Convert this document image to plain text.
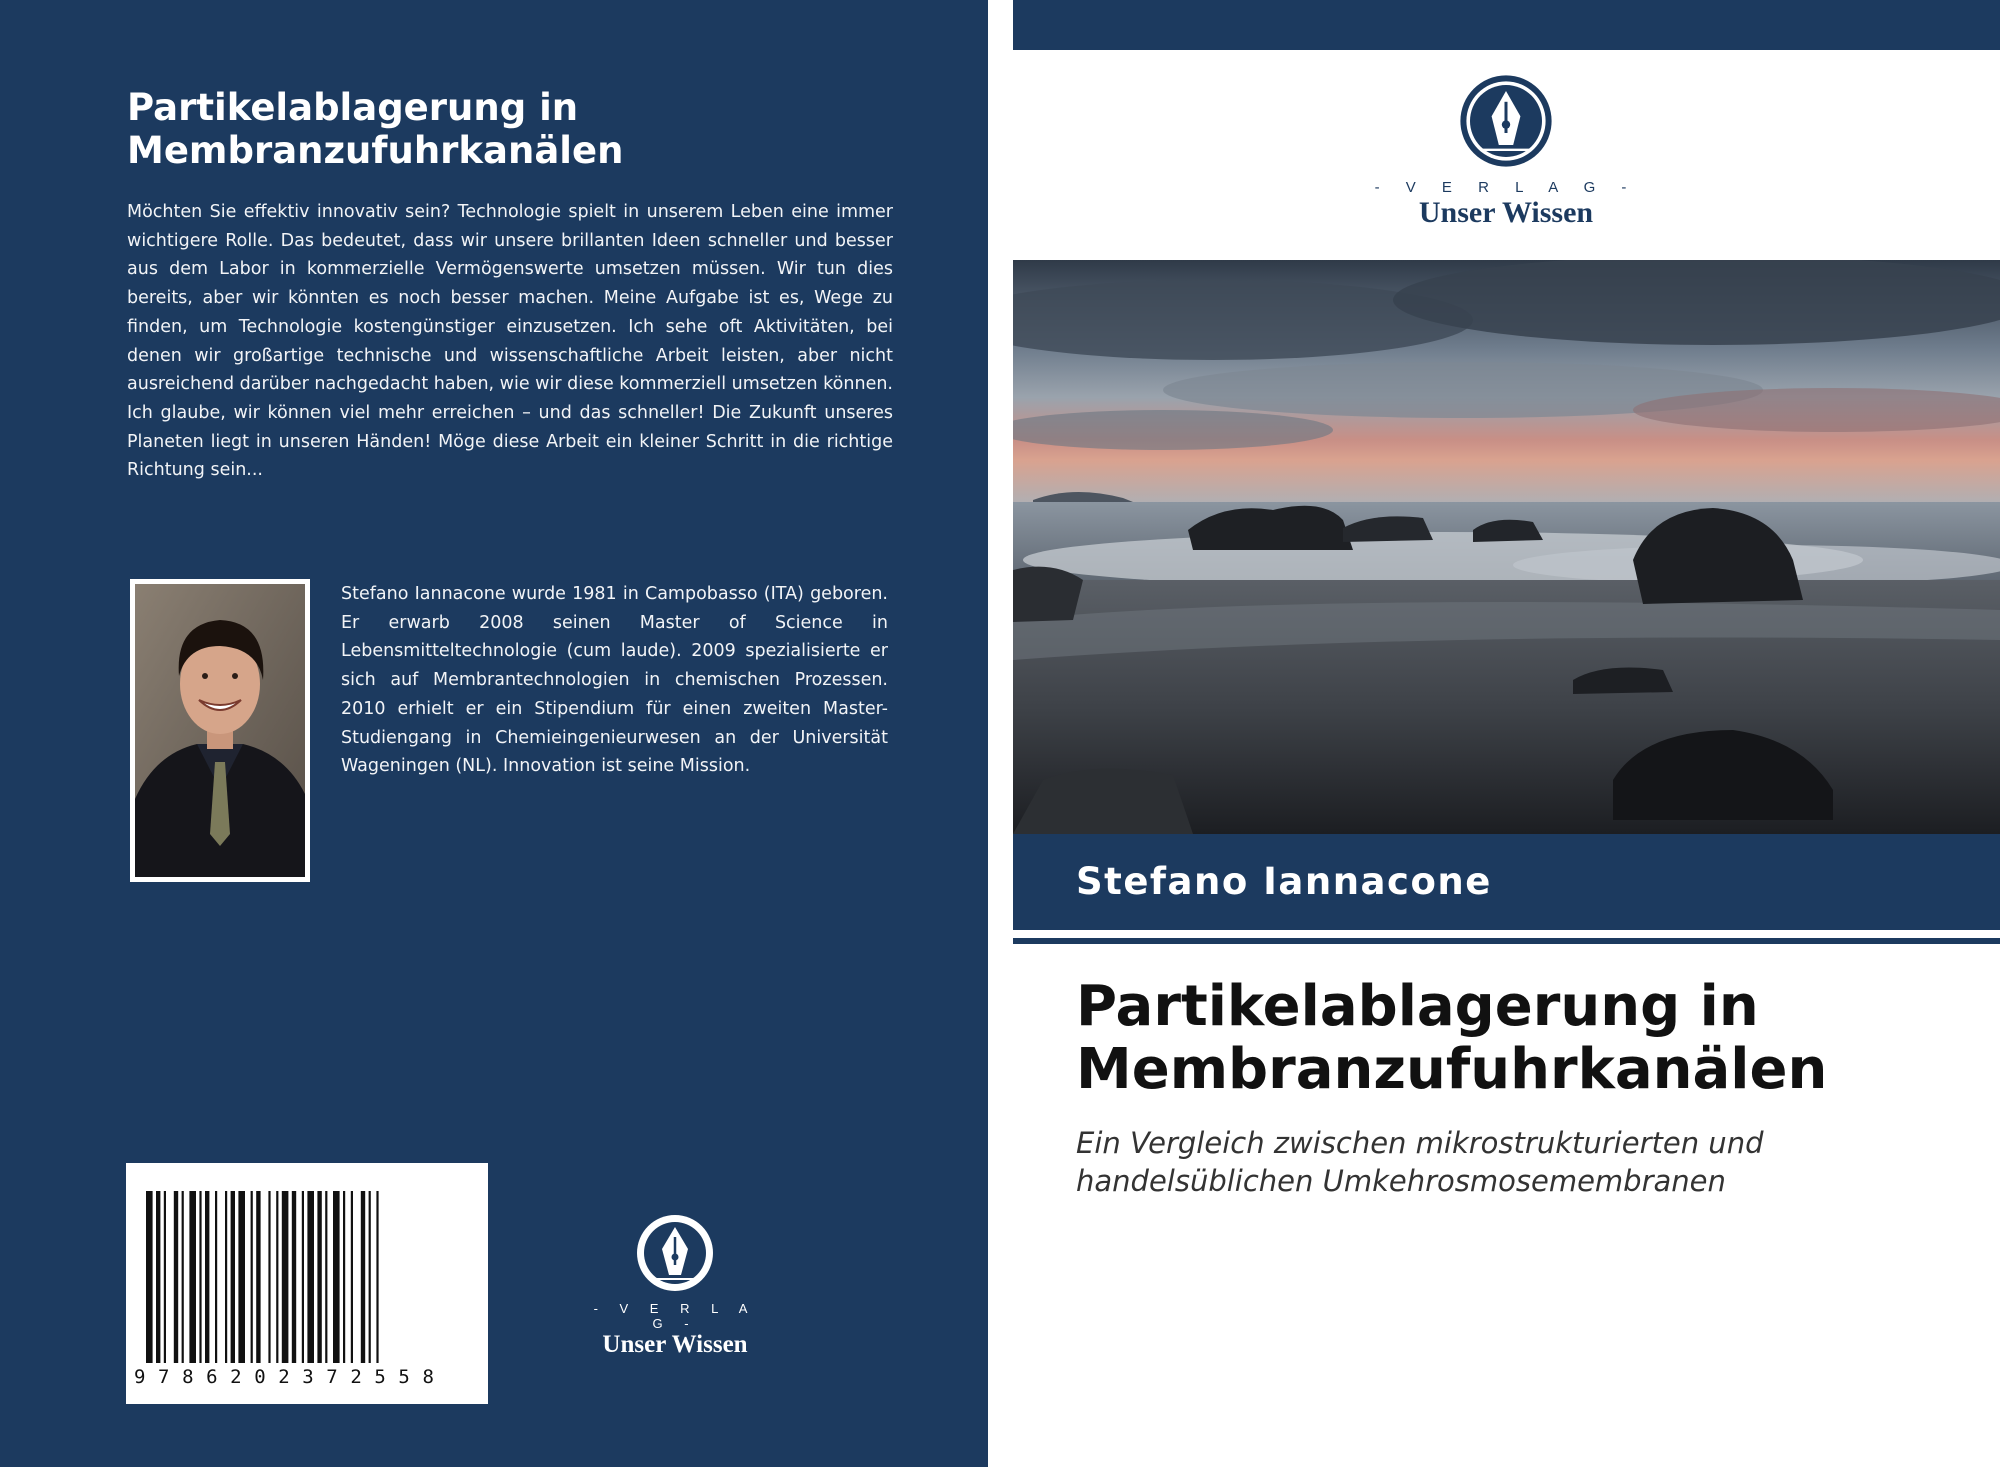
Partikelablagerung in Membranzufuhrkanälen

Möchten Sie effektiv innovativ sein? Technologie spielt in unserem Leben eine immer wichtigere Rolle. Das bedeutet, dass wir unsere brillanten Ideen schneller und besser aus dem Labor in kommerzielle Vermögenswerte umsetzen müssen. Wir tun dies bereits, aber wir könnten es noch besser machen. Meine Aufgabe ist es, Wege zu finden, um Technologie kostengünstiger einzusetzen. Ich sehe oft Aktivitäten, bei denen wir großartige technische und wissenschaftliche Arbeit leisten, aber nicht ausreichend darüber nachgedacht haben, wie wir diese kommerziell umsetzen können. Ich glaube, wir können viel mehr erreichen – und das schneller! Die Zukunft unseres Planeten liegt in unseren Händen! Möge diese Arbeit ein kleiner Schritt in die richtige Richtung sein...

Stefano Iannacone wurde 1981 in Campobasso (ITA) geboren. Er erwarb 2008 seinen Master of Science in Lebensmitteltechnologie (cum laude). 2009 spezialisierte er sich auf Membrantechnologien in chemischen Prozessen. 2010 erhielt er ein Stipendium für einen zweiten Master-Studiengang in Chemieingenieurwesen an der Universität Wageningen (NL). Innovation ist seine Mission.

9786202372558
- V E R L A G -
Unser Wissen
- V E R L A G -
Unser Wissen
Stefano Iannacone
Partikelablagerung in Membranzufuhrkanälen
Ein Vergleich zwischen mikrostrukturierten und handelsüblichen Umkehrosmosemembranen
